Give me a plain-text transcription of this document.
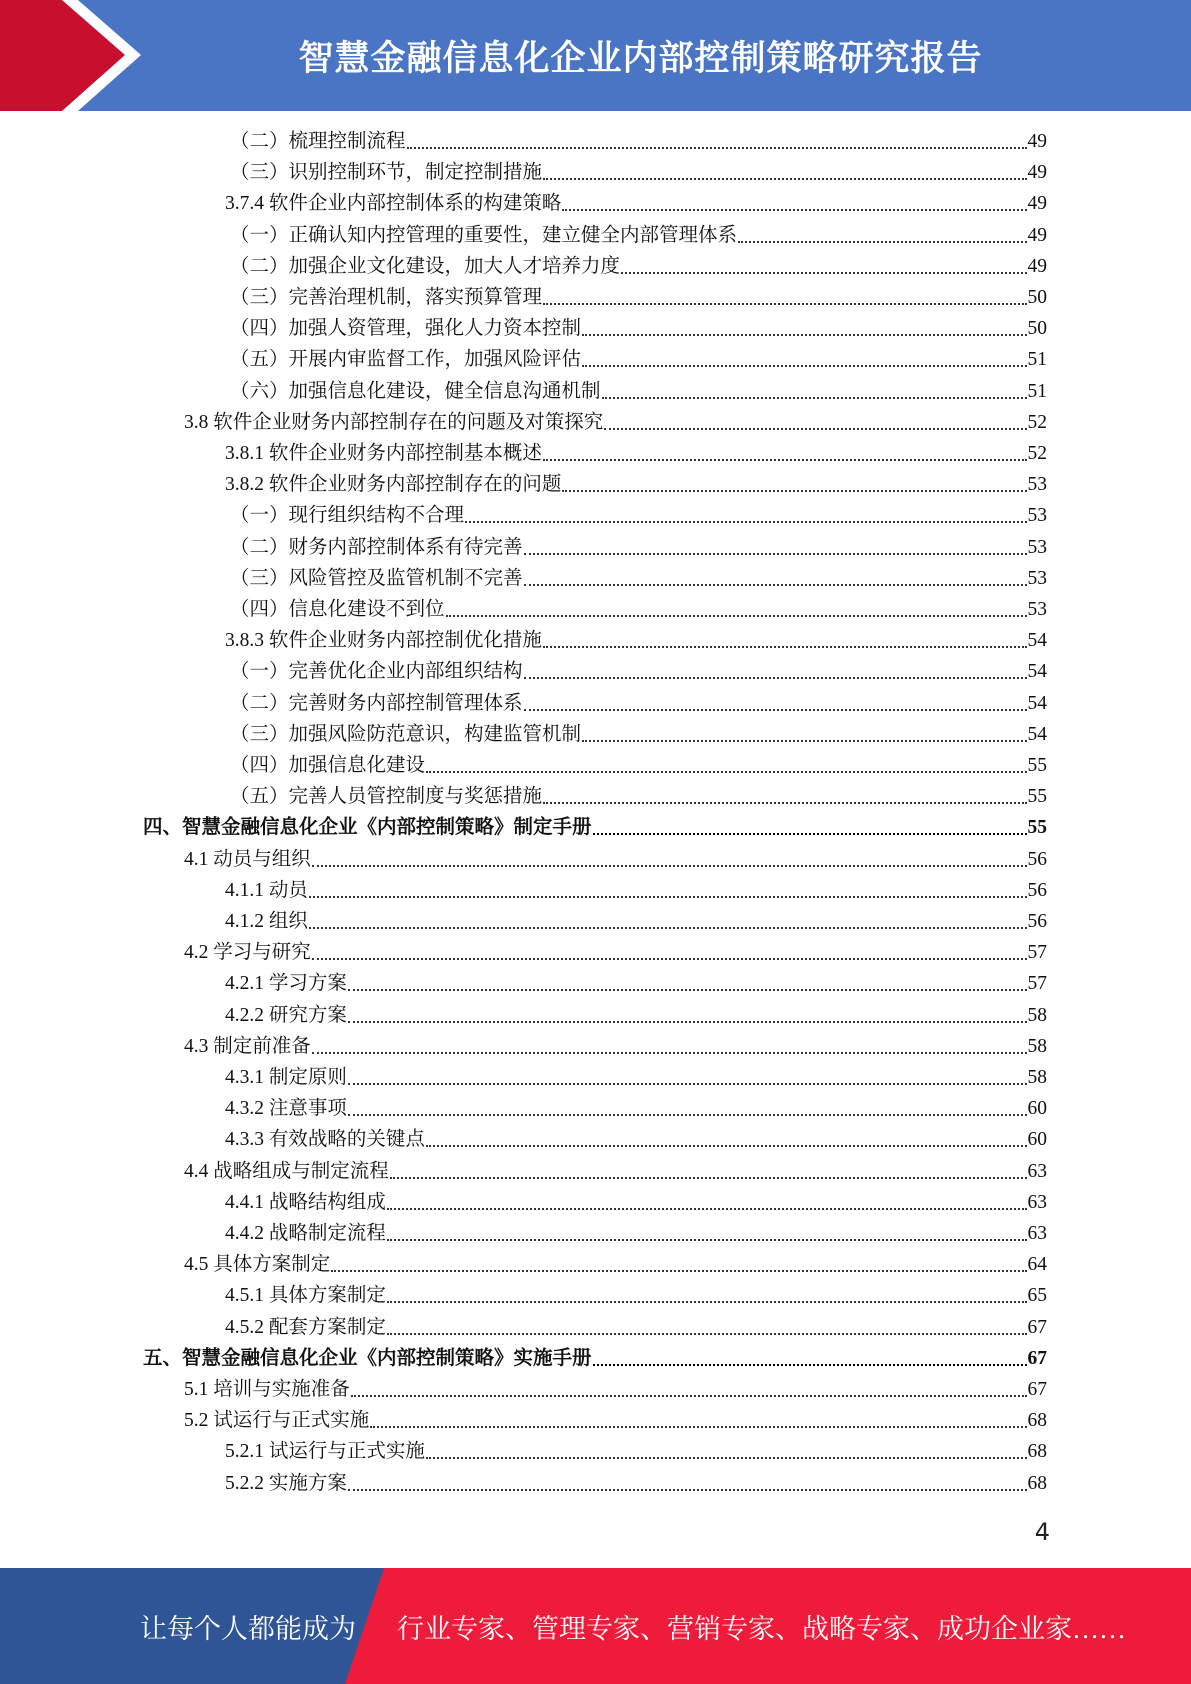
智慧金融信息化企业内部控制策略研究报告
（二）梳理控制流程	49
（三）识别控制环节，制定控制措施	49
3.7.4 软件企业内部控制体系的构建策略	49
（一）正确认知内控管理的重要性，建立健全内部管理体系	49
（二）加强企业文化建设，加大人才培养力度	49
（三）完善治理机制，落实预算管理	50
（四）加强人资管理，强化人力资本控制	50
（五）开展内审监督工作，加强风险评估	51
（六）加强信息化建设，健全信息沟通机制	51
3.8 软件企业财务内部控制存在的问题及对策探究	52
3.8.1 软件企业财务内部控制基本概述	52
3.8.2 软件企业财务内部控制存在的问题	53
（一）现行组织结构不合理	53
（二）财务内部控制体系有待完善	53
（三）风险管控及监管机制不完善	53
（四）信息化建设不到位	53
3.8.3 软件企业财务内部控制优化措施	54
（一）完善优化企业内部组织结构	54
（二）完善财务内部控制管理体系	54
（三）加强风险防范意识，构建监管机制	54
（四）加强信息化建设	55
（五）完善人员管控制度与奖惩措施	55
四、智慧金融信息化企业《内部控制策略》制定手册	55
4.1 动员与组织	56
4.1.1 动员	56
4.1.2 组织	56
4.2 学习与研究	57
4.2.1 学习方案	57
4.2.2 研究方案	58
4.3 制定前准备	58
4.3.1 制定原则	58
4.3.2 注意事项	60
4.3.3 有效战略的关键点	60
4.4 战略组成与制定流程	63
4.4.1 战略结构组成	63
4.4.2 战略制定流程	63
4.5 具体方案制定	64
4.5.1 具体方案制定	65
4.5.2 配套方案制定	67
五、智慧金融信息化企业《内部控制策略》实施手册	67
5.1 培训与实施准备	67
5.2 试运行与正式实施	68
5.2.1 试运行与正式实施	68
5.2.2 实施方案	68
4
让每个人都能成为 行业专家、管理专家、营销专家、战略专家、成功企业家……
